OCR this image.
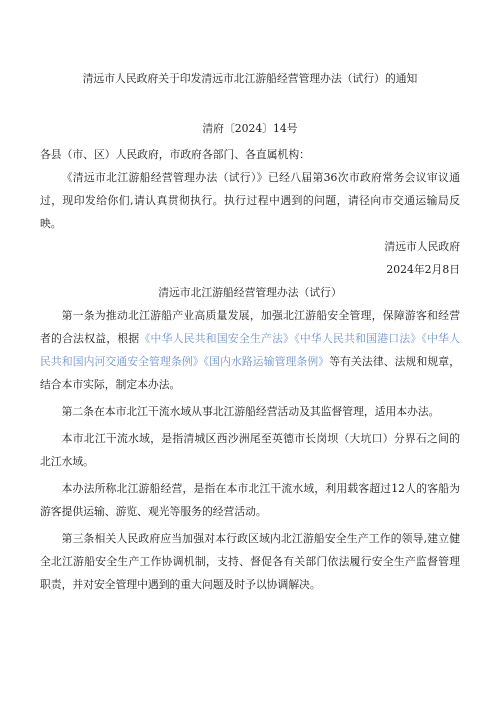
清远市人民政府关于印发清远市北江游船经营管理办法（试行）的通知
清府〔2024〕14号

各县（市、区）人民政府，市政府各部门、各直属机构：

《清远市北江游船经营管理办法（试行）》已经八届第36次市政府常务会议审议通过，现印发给你们,请认真贯彻执行。执行过程中遇到的问题，请径向市交通运输局反映。

清远市人民政府

2024年2月8日

清远市北江游船经营管理办法（试行）

第一条为推动北江游船产业高质量发展，加强北江游船安全管理，保障游客和经营者的合法权益，根据《中华人民共和国安全生产法》《中华人民共和国港口法》《中华人民共和国内河交通安全管理条例》《国内水路运输管理条例》等有关法律、法规和规章，结合本市实际，制定本办法。

第二条在本市北江干流水域从事北江游船经营活动及其监督管理，适用本办法。

本市北江干流水域，是指清城区西沙洲尾至英德市长岗坝（大坑口）分界石之间的北江水域。

本办法所称北江游船经营，是指在本市北江干流水域，利用载客超过12人的客船为游客提供运输、游览、观光等服务的经营活动。

第三条相关人民政府应当加强对本行政区域内北江游船安全生产工作的领导,建立健全北江游船安全生产工作协调机制，支持、督促各有关部门依法履行安全生产监督管理职责，并对安全管理中遇到的重大问题及时予以协调解决。
